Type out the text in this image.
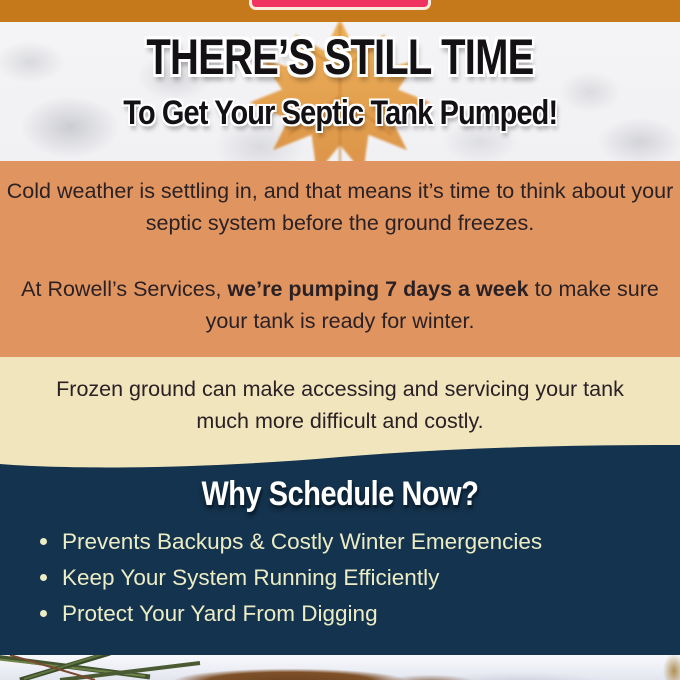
THERE’S STILL TIME
To Get Your Septic Tank Pumped!

Cold weather is settling in, and that means it’s time to think about your septic system before the ground freezes.

At Rowell’s Services, we’re pumping 7 days a week to make sure your tank is ready for winter.

Frozen ground can make accessing and servicing your tank much more difficult and costly.

Why Schedule Now?
Prevents Backups & Costly Winter Emergencies
Keep Your System Running Efficiently
Protect Your Yard From Digging
